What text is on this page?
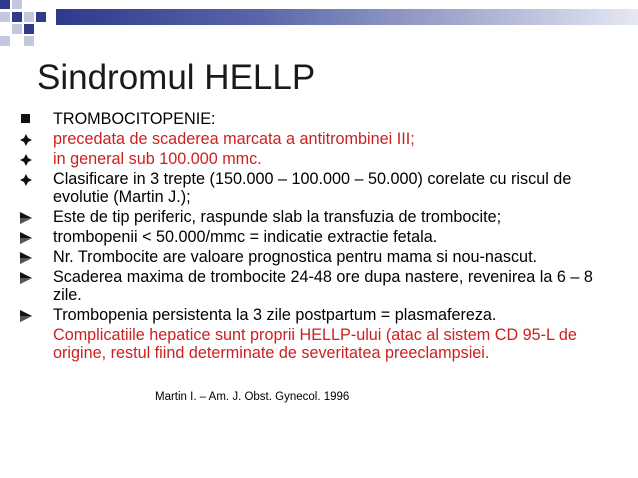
Sindromul HELLP
TROMBOCITOPENIE:
precedata de scaderea marcata a antitrombinei III;
in general sub 100.000 mmc.
Clasificare in 3 trepte (150.000 – 100.000 – 50.000) corelate cu riscul de evolutie (Martin J.);
Este de tip periferic, raspunde slab la transfuzia de trombocite;
trombopenii < 50.000/mmc = indicatie extractie fetala.
Nr. Trombocite are valoare prognostica pentru mama si nou-nascut.
Scaderea maxima de trombocite 24-48 ore dupa nastere, revenirea la 6 – 8 zile.
Trombopenia persistenta la 3 zile postpartum = plasmafereza.
Complicatiile hepatice sunt proprii HELLP-ului (atac al sistem CD 95-L de origine, restul fiind determinate de severitatea preeclampsiei.
Martin I. – Am. J. Obst. Gynecol. 1996
